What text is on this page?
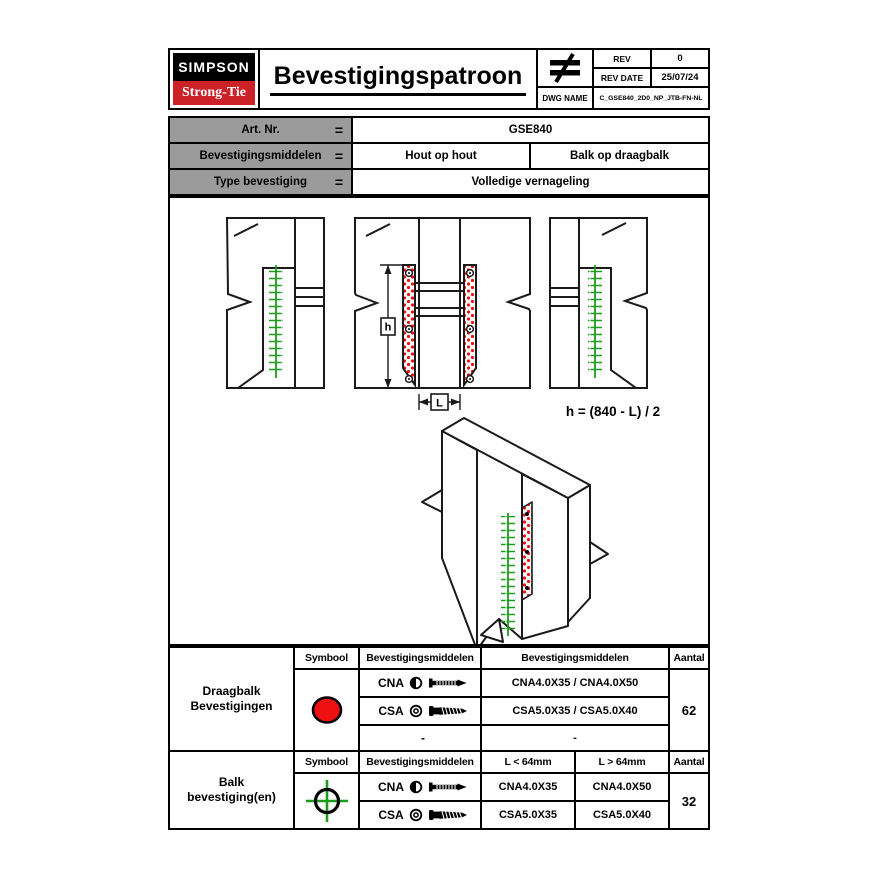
SIMPSON
Strong-Tie
Bevestigingspatroon
REV	0
REV DATE	25/07/24
DWG NAME	C_GSE840_2D0_NP_JTB-FN-NL
Art. Nr.	=	GSE840
Bevestigingsmiddelen =	Hout op hout	Balk op draagbalk
Type bevestiging =	Volledige vernageling
h
L
h = (840 - L) / 2
Draagbalk
Bevestigingen
Symbool	Bevestigingsmiddelen	Bevestigingsmiddelen	Aantal
CNA	CNA4.0X35 / CNA4.0X50
CSA	CSA5.0X35 / CSA5.0X40
-	-
62
Balk
bevestiging(en)
Symbool	Bevestigingsmiddelen	L < 64mm	L > 64mm	Aantal
CNA	CNA4.0X35	CNA4.0X50
32
CSA	CSA5.0X35	CSA5.0X40
